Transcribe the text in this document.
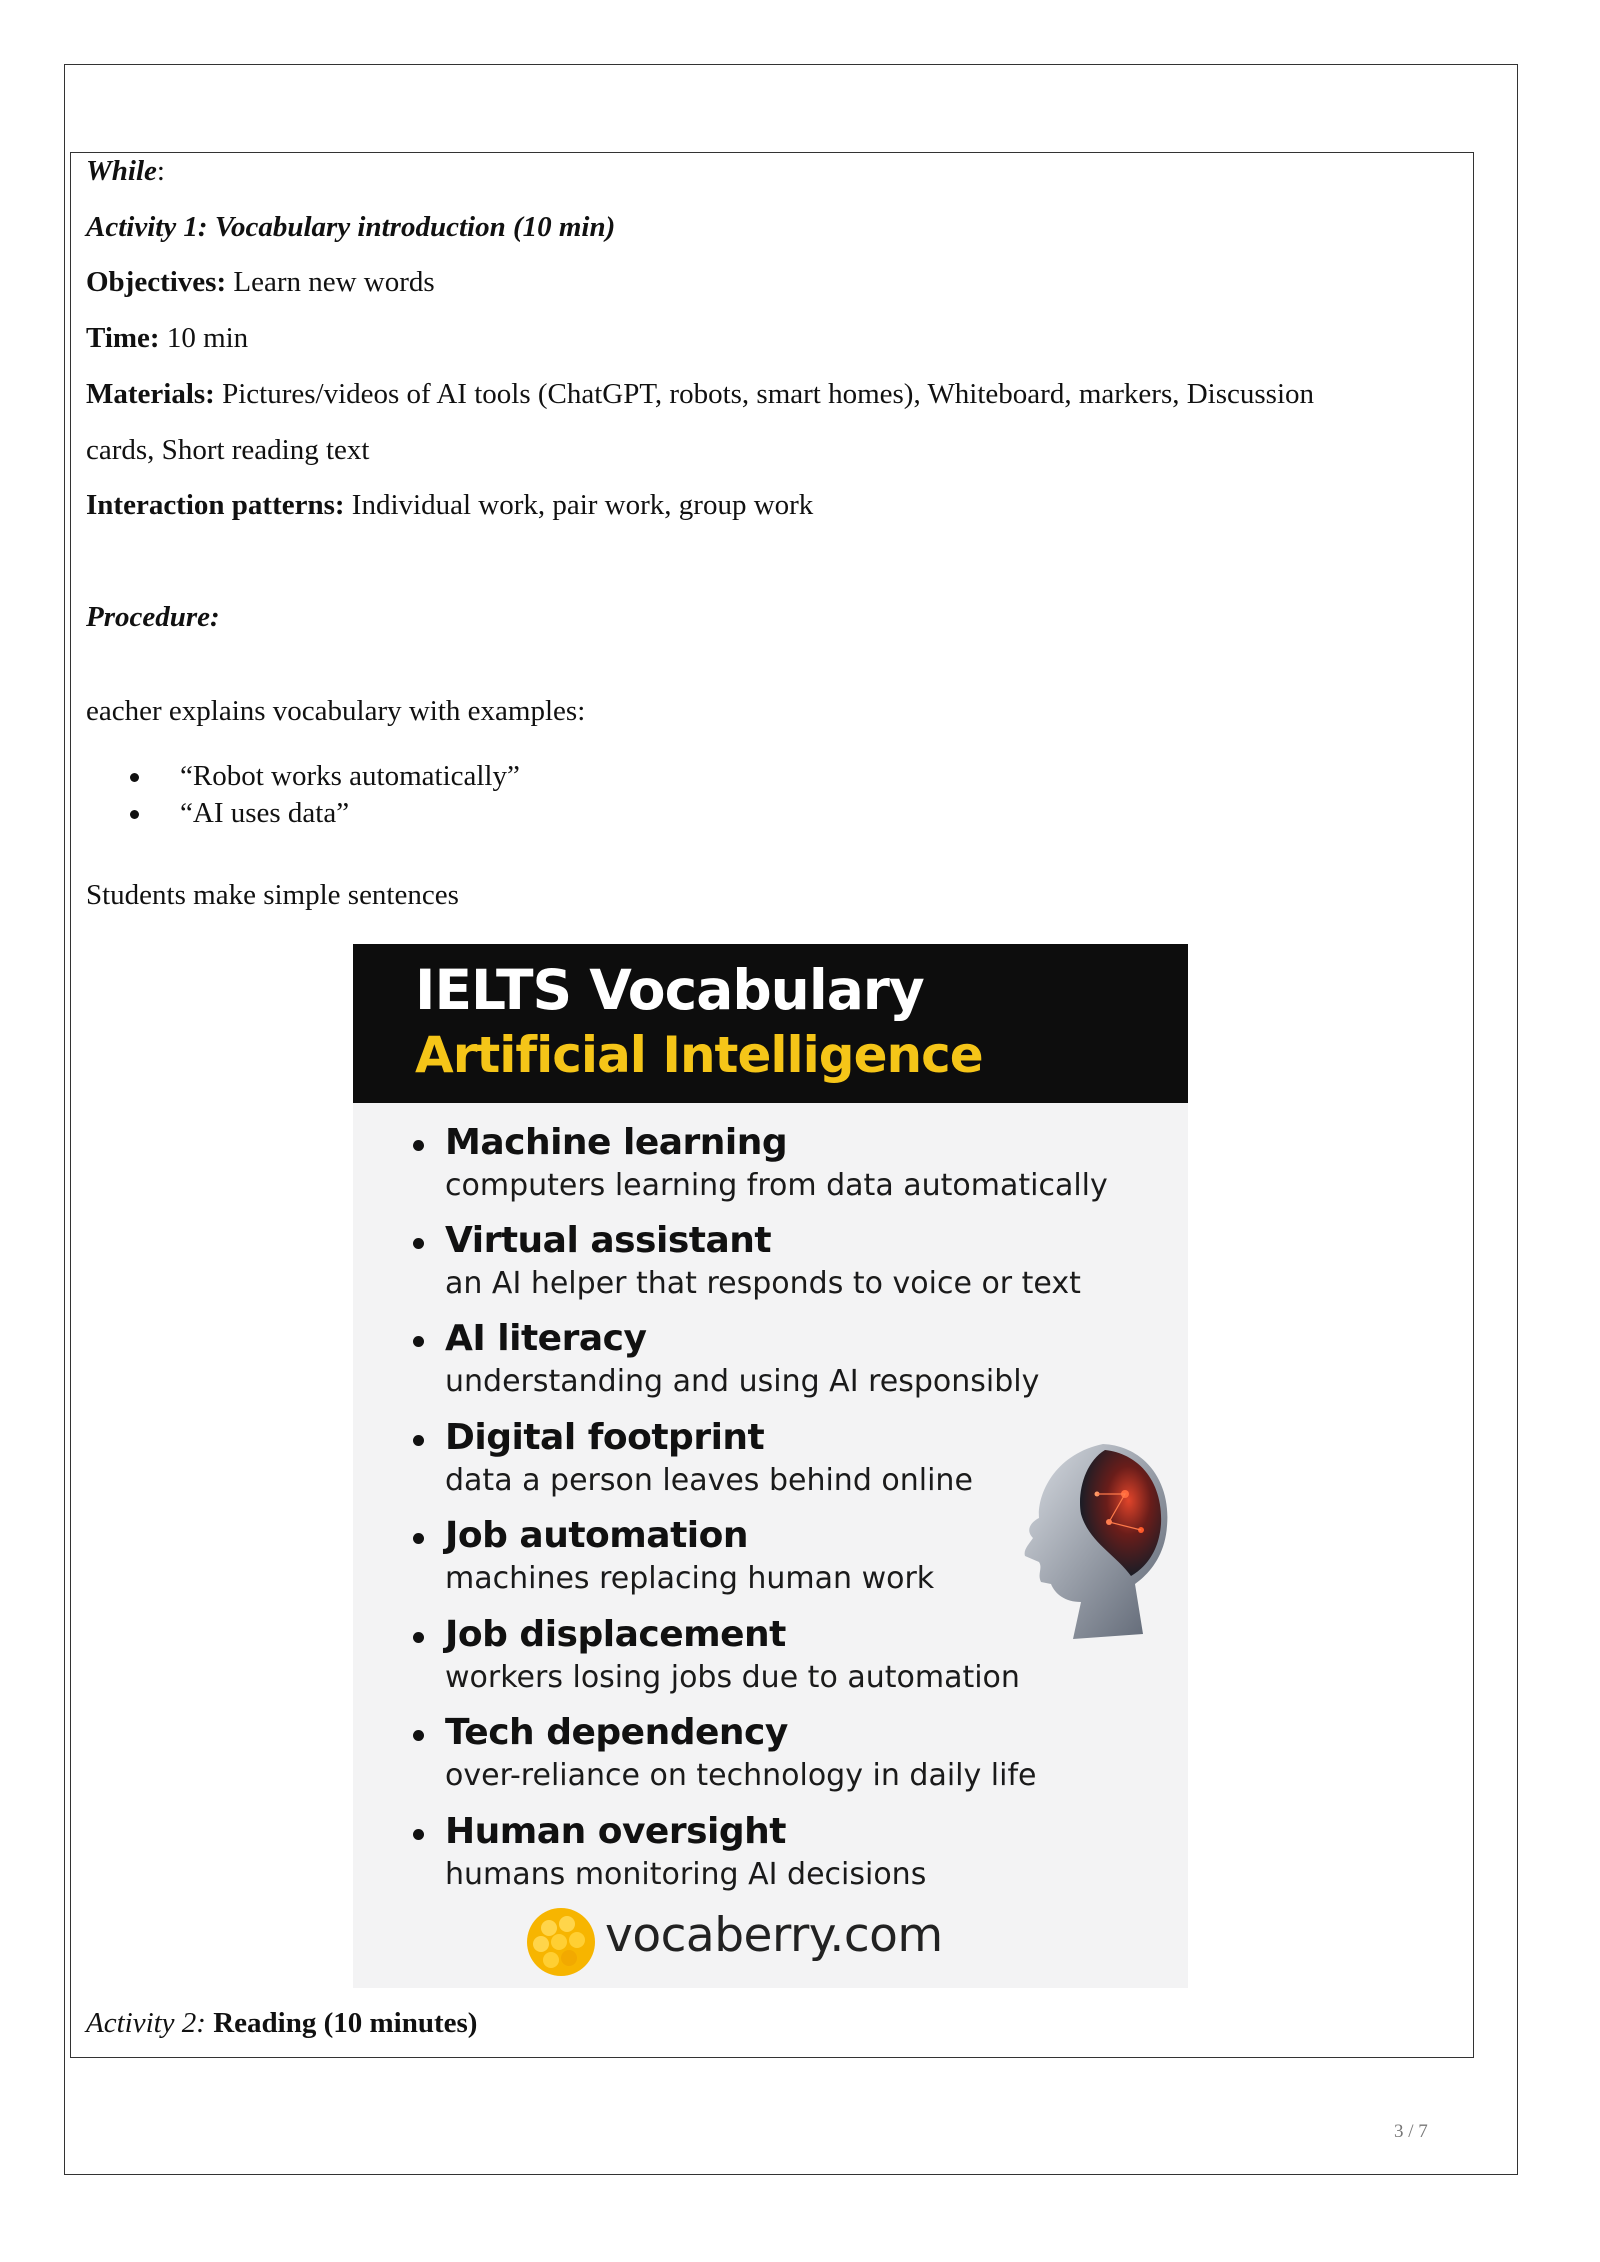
While:
Activity 1: Vocabulary introduction (10 min)
Objectives: Learn new words
Time: 10 min
Materials: Pictures/videos of AI tools (ChatGPT, robots, smart homes), Whiteboard, markers, Discussion
cards, Short reading text
Interaction patterns: Individual work, pair work, group work
Procedure:
eacher explains vocabulary with examples:
“Robot works automatically”
“AI uses data”
Students make simple sentences
IELTS Vocabulary
Artificial Intelligence
Machine learning
computers learning from data automatically
Virtual assistant
an AI helper that responds to voice or text
AI literacy
understanding and using AI responsibly
Digital footprint
data a person leaves behind online
Job automation
machines replacing human work
Job displacement
workers losing jobs due to automation
Tech dependency
over-reliance on technology in daily life
Human oversight
humans monitoring AI decisions
vocaberry.com
Activity 2: Reading (10 minutes)
3 / 7
